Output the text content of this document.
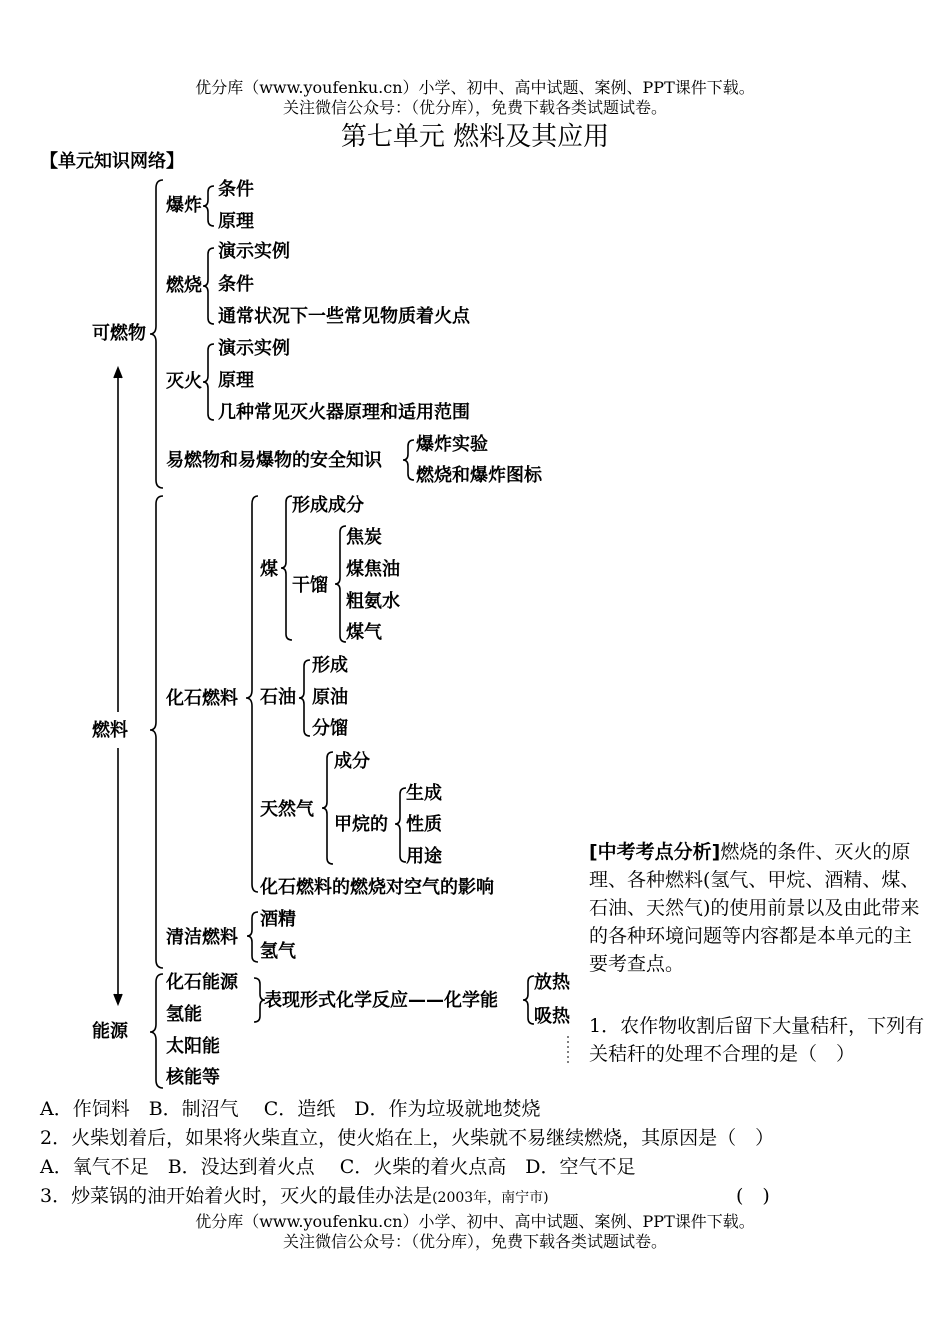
优分库（www.youfenku.cn）小学、初中、高中试题、案例、PPT课件下载。
关注微信公众号：（优分库），免费下载各类试题试卷。
第七单元 燃料及其应用
【单元知识网络】
可燃物
爆炸
条件
原理
燃烧
演示实例
条件
通常状况下一些常见物质着火点
灭火
演示实例
原理
几种常见灭火器原理和适用范围
易燃物和易爆物的安全知识
爆炸实验
燃烧和爆炸图标
燃料
化石燃料
煤
形成成分
干馏
焦炭
煤焦油
粗氨水
煤气
石油
形成
原油
分馏
天然气
成分
甲烷的
生成
性质
用途
化石燃料的燃烧对空气的影响
清洁燃料
酒精
氢气
能源
化石能源
氢能
太阳能
核能等
表现形式化学反应——化学能
放热
吸热
[中考考点分析]燃烧的条件、灭火的原理、各种燃料(氢气、甲烷、酒精、煤、石油、天然气)的使用前景以及由此带来的各种环境问题等内容都是本单元的主要考查点。
1．农作物收割后留下大量秸秆，下列有关秸秆的处理不合理的是（　）
A．作饲料　B．制沼气　 C．造纸　D．作为垃圾就地焚烧
2．火柴划着后，如果将火柴直立，使火焰在上，火柴就不易继续燃烧，其原因是（　）
A．氧气不足　B．没达到着火点　 C．火柴的着火点高　D．空气不足
3．炒菜锅的油开始着火时，灭火的最佳办法是(2003年，南宁市)	(　)
优分库（www.youfenku.cn）小学、初中、高中试题、案例、PPT课件下载。
关注微信公众号：（优分库），免费下载各类试题试卷。
